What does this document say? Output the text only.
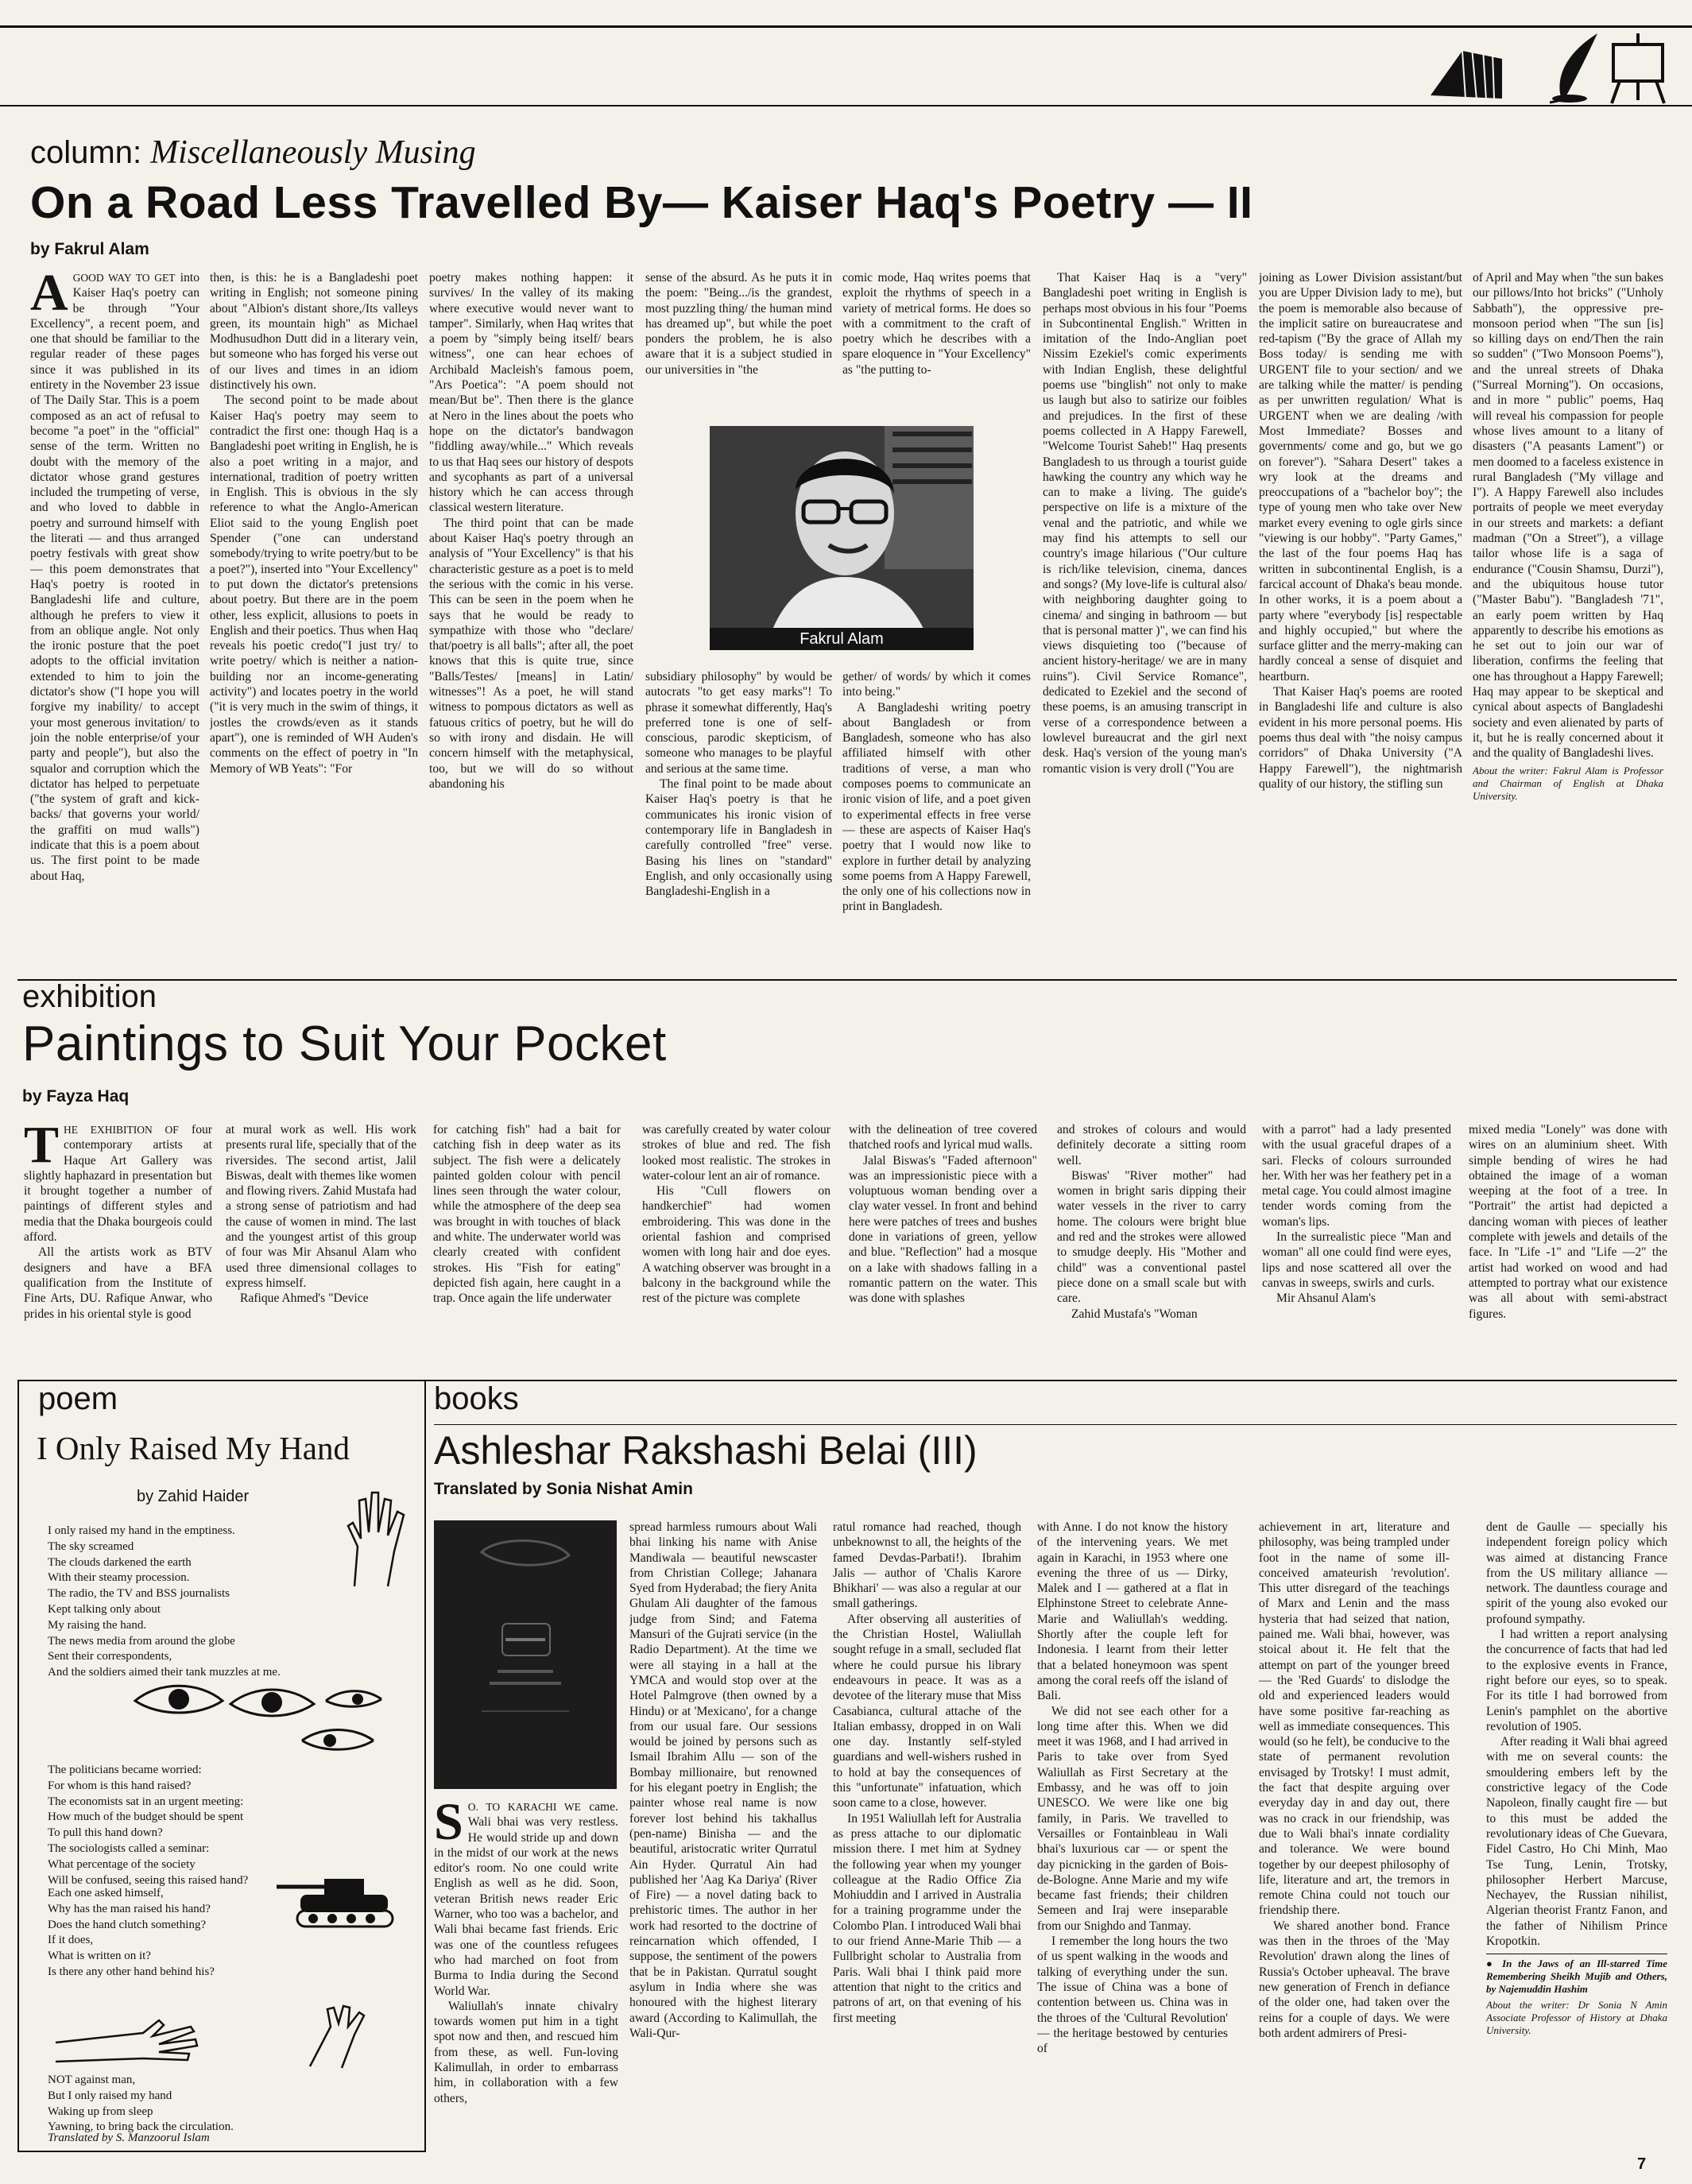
column: Miscellaneously Musing
On a Road Less Travelled By— Kaiser Haq's Poetry — II
by Fakrul Alam

AGOOD WAY TO GET into Kaiser Haq's poetry can be through "Your Excellency", a recent poem, and one that should be familiar to the regular reader of these pages since it was published in its entirety in the November 23 issue of The Daily Star. This is a poem composed as an act of refusal to become "a poet" in the "official" sense of the term. Written no doubt with the memory of the dictator whose grand gestures included the trumpeting of verse, and who loved to dabble in poetry and surround himself with the literati — and thus arranged poetry festivals with great show — this poem demonstrates that Haq's poetry is rooted in Bangladeshi life and culture, although he prefers to view it from an oblique angle. Not only the ironic posture that the poet adopts to the official invitation extended to him to join the dictator's show ("I hope you will forgive my inability/ to accept your most generous invitation/ to join the noble enterprise/of your party and people"), but also the squalor and corruption which the dictator has helped to perpetuate ("the system of graft and kick-backs/ that governs your world/ the graffiti on mud walls") indicate that this is a poem about us. The first point to be made about Haq,

then, is this: he is a Bangladeshi poet writing in English; not someone pining about "Albion's distant shore,/Its valleys green, its mountain high" as Michael Modhusudhon Dutt did in a literary vein, but someone who has forged his verse out of our lives and times in an idiom distinctively his own.

The second point to be made about Kaiser Haq's poetry may seem to contradict the first one: though Haq is a Bangladeshi poet writing in English, he is also a poet writing in a major, and international, tradition of poetry written in English. This is obvious in the sly reference to what the Anglo-American Eliot said to the young English poet Spender ("one can understand somebody/trying to write poetry/but to be a poet?"), inserted into "Your Excellency" to put down the dictator's pretensions about poetry. But there are in the poem other, less explicit, allusions to poets in English and their poetics. Thus when Haq reveals his poetic credo("I just try/ to write poetry/ which is neither a nation-building nor an income-generating activity") and locates poetry in the world ("it is very much in the swim of things, it jostles the crowds/even as it stands apart"), one is reminded of WH Auden's comments on the effect of poetry in "In Memory of WB Yeats": "For

poetry makes nothing happen: it survives/ In the valley of its making where executive would never want to tamper". Similarly, when Haq writes that a poem by "simply being itself/ bears witness", one can hear echoes of Archibald Macleish's famous poem, "Ars Poetica": "A poem should not mean/But be". Then there is the glance at Nero in the lines about the poets who hope on the dictator's bandwagon "fiddling away/while..." Which reveals to us that Haq sees our history of despots and sycophants as part of a universal history which he can access through classical western literature.

The third point that can be made about Kaiser Haq's poetry through an analysis of "Your Excellency" is that his characteristic gesture as a poet is to meld the serious with the comic in his verse. This can be seen in the poem when he says that he would be ready to sympathize with those who "declare/ that/poetry is all balls"; after all, the poet knows that this is quite true, since "Balls/Testes/ [means] in Latin/ witnesses"! As a poet, he will stand witness to pompous dictators as well as fatuous critics of poetry, but he will do so with irony and disdain. He will concern himself with the metaphysical, too, but we will do so without abandoning his

sense of the absurd. As he puts it in the poem: "Being.../is the grandest, most puzzling thing/ the human mind has dreamed up", but while the poet ponders the problem, he is also aware that it is a subject studied in our universities in "the

comic mode, Haq writes poems that exploit the rhythms of speech in a variety of metrical forms. He does so with a commitment to the craft of poetry which he describes with a spare eloquence in "Your Excellency" as "the putting to-

Fakrul Alam

subsidiary philosophy" by would be autocrats "to get easy marks"! To phrase it somewhat differently, Haq's preferred tone is one of self-conscious, parodic skepticism, of someone who manages to be playful and serious at the same time.

The final point to be made about Kaiser Haq's poetry is that he communicates his ironic vision of contemporary life in Bangladesh in carefully controlled "free" verse. Basing his lines on "standard" English, and only occasionally using Bangladeshi-English in a

gether/ of words/ by which it comes into being."

A Bangladeshi writing poetry about Bangladesh or from Bangladesh, someone who has also affiliated himself with other traditions of verse, a man who composes poems to communicate an ironic vision of life, and a poet given to experimental effects in free verse — these are aspects of Kaiser Haq's poetry that I would now like to explore in further detail by analyzing some poems from A Happy Farewell, the only one of his collections now in print in Bangladesh.

That Kaiser Haq is a "very" Bangladeshi poet writing in English is perhaps most obvious in his four "Poems in Subcontinental English." Written in imitation of the Indo-Anglian poet Nissim Ezekiel's comic experiments with Indian English, these delightful poems use "binglish" not only to make us laugh but also to satirize our foibles and prejudices. In the first of these poems collected in A Happy Farewell, "Welcome Tourist Saheb!" Haq presents Bangladesh to us through a tourist guide hawking the country any which way he can to make a living. The guide's perspective on life is a mixture of the venal and the patriotic, and while we may find his attempts to sell our country's image hilarious ("Our culture is rich/like television, cinema, dances and songs? (My love-life is cultural also/ with neighboring daughter going to cinema/ and singing in bathroom — but that is personal matter )", we can find his views disquieting too ("because of ancient history-heritage/ we are in many ruins"). Civil Service Romance", dedicated to Ezekiel and the second of these poems, is an amusing transcript in verse of a correspondence between a lowlevel bureaucrat and the girl next desk. Haq's version of the young man's romantic vision is very droll ("You are

joining as Lower Division assistant/but you are Upper Division lady to me), but the poem is memorable also because of the implicit satire on bureaucratese and red-tapism ("By the grace of Allah my Boss today/ is sending me with URGENT file to your section/ and we are talking while the matter/ is pending as per unwritten regulation/ What is URGENT when we are dealing /with Most Immediate? Bosses and governments/ come and go, but we go on forever"). "Sahara Desert" takes a wry look at the dreams and preoccupations of a "bachelor boy"; the type of young men who take over New market every evening to ogle girls since "viewing is our hobby". "Party Games," the last of the four poems Haq has written in subcontinental English, is a farcical account of Dhaka's beau monde. In other works, it is a poem about a party where "everybody [is] respectable and highly occupied," but where the surface glitter and the merry-making can hardly conceal a sense of disquiet and heartburn.

That Kaiser Haq's poems are rooted in Bangladeshi life and culture is also evident in his more personal poems. His poems thus deal with "the noisy campus corridors" of Dhaka University ("A Happy Farewell"), the nightmarish quality of our history, the stifling sun

of April and May when "the sun bakes our pillows/Into hot bricks" ("Unholy Sabbath"), the oppressive pre-monsoon period when "The sun [is] so killing days on end/Then the rain so sudden" ("Two Monsoon Poems"), and the unreal streets of Dhaka ("Surreal Morning"). On occasions, and in more " public" poems, Haq will reveal his compassion for people whose lives amount to a litany of disasters ("A peasants Lament") or men doomed to a faceless existence in rural Bangladesh ("My village and I"). A Happy Farewell also includes portraits of people we meet everyday in our streets and markets: a defiant madman ("On a Street"), a village tailor whose life is a saga of endurance ("Cousin Shamsu, Durzi"), and the ubiquitous house tutor ("Master Babu"). "Bangladesh '71", an early poem written by Haq apparently to describe his emotions as he set out to join our war of liberation, confirms the feeling that one has throughout a Happy Farewell; Haq may appear to be skeptical and cynical about aspects of Bangladeshi society and even alienated by parts of it, but he is really concerned about it and the quality of Bangladeshi lives.

About the writer: Fakrul Alam is Professor and Chairman of English at Dhaka University.

exhibition
Paintings to Suit Your Pocket
by Fayza Haq

THE EXHIBITION OF four contemporary artists at Haque Art Gallery was slightly haphazard in presentation but it brought together a number of paintings of different styles and media that the Dhaka bourgeois could afford.

All the artists work as BTV designers and have a BFA qualification from the Institute of Fine Arts, DU. Rafique Anwar, who prides in his oriental style is good

at mural work as well. His work presents rural life, specially that of the riversides. The second artist, Jalil Biswas, dealt with themes like women and flowing rivers. Zahid Mustafa had a strong sense of patriotism and had the cause of women in mind. The last and the youngest artist of this group of four was Mir Ahsanul Alam who used three dimensional collages to express himself.

Rafique Ahmed's "Device

for catching fish" had a bait for catching fish in deep water as its subject. The fish were a delicately painted golden colour with pencil lines seen through the water colour, while the atmosphere of the deep sea was brought in with touches of black and white. The underwater world was clearly created with confident strokes. His "Fish for eating" depicted fish again, here caught in a trap. Once again the life underwater

was carefully created by water colour strokes of blue and red. The fish looked most realistic. The strokes in water-colour lent an air of romance.

His "Cull flowers on handkerchief" had women embroidering. This was done in the oriental fashion and comprised women with long hair and doe eyes. A watching observer was brought in a balcony in the background while the rest of the picture was complete

with the delineation of tree covered thatched roofs and lyrical mud walls.

Jalal Biswas's "Faded afternoon" was an impressionistic piece with a voluptuous woman bending over a clay water vessel. In front and behind here were patches of trees and bushes done in variations of green, yellow and blue. "Reflection" had a mosque on a lake with shadows falling in a romantic pattern on the water. This was done with splashes

and strokes of colours and would definitely decorate a sitting room well.

Biswas' "River mother" had women in bright saris dipping their water vessels in the river to carry home. The colours were bright blue and red and the strokes were allowed to smudge deeply. His "Mother and child" was a conventional pastel piece done on a small scale but with care.

Zahid Mustafa's "Woman

with a parrot" had a lady presented with the usual graceful drapes of a sari. Flecks of colours surrounded her. With her was her feathery pet in a metal cage. You could almost imagine tender words coming from the woman's lips.

In the surrealistic piece "Man and woman" all one could find were eyes, lips and nose scattered all over the canvas in sweeps, swirls and curls.

Mir Ahsanul Alam's

mixed media "Lonely" was done with wires on an aluminium sheet. With simple bending of wires he had obtained the image of a woman weeping at the foot of a tree. In "Portrait" the artist had depicted a dancing woman with pieces of leather complete with jewels and details of the face. In "Life -1" and "Life —2" the artist had worked on wood and had attempted to portray what our existence was all about with semi-abstract figures.

poem
I Only Raised My Hand
by Zahid Haider
I only raised my hand in the emptiness.
The sky screamed
The clouds darkened the earth
With their steamy procession.
The radio, the TV and BSS journalists
Kept talking only about
My raising the hand.
The news media from around the globe
Sent their correspondents,
And the soldiers aimed their tank muzzles at me.
The politicians became worried:
For whom is this hand raised?
The economists sat in an urgent meeting:
How much of the budget should be spent
To pull this hand down?
The sociologists called a seminar:
What percentage of the society
Will be confused, seeing this raised hand?
Each one asked himself,
Why has the man raised his hand?
Does the hand clutch something?
If it does,
What is written on it?
Is there any other hand behind his?
NOT against man,
But I only raised my hand
Waking up from sleep
Yawning, to bring back the circulation.
Translated by S. Manzoorul Islam
books
Ashleshar Rakshashi Belai (III)
Translated by Sonia Nishat Amin

S O. TO KARACHI WE came. Wali bhai was very restless. He would stride up and down in the midst of our work at the news editor's room. No one could write English as well as he did. Soon, veteran British news reader Eric Warner, who too was a bachelor, and Wali bhai became fast friends. Eric was one of the countless refugees who had marched on foot from Burma to India during the Second World War.

Waliullah's innate chivalry towards women put him in a tight spot now and then, and rescued him from these, as well. Fun-loving Kalimullah, in order to embarrass him, in collaboration with a few others,

spread harmless rumours about Wali bhai linking his name with Anise Mandiwala — beautiful newscaster from Christian College; Jahanara Syed from Hyderabad; the fiery Anita Ghulam Ali daughter of the famous judge from Sind; and Fatema Mansuri of the Gujrati service (in the Radio Department). At the time we were all staying in a hall at the YMCA and would stop over at the Hotel Palmgrove (then owned by a Hindu) or at 'Mexicano', for a change from our usual fare. Our sessions would be joined by persons such as Ismail Ibrahim Allu — son of the Bombay millionaire, but renowned for his elegant poetry in English; the painter whose real name is now forever lost behind his takhallus (pen-name) Binisha — and the beautiful, aristocratic writer Qurratul Ain Hyder. Qurratul Ain had published her 'Aag Ka Dariya' (River of Fire) — a novel dating back to prehistoric times. The author in her work had resorted to the doctrine of reincarnation which offended, I suppose, the sentiment of the powers that be in Pakistan. Qurratul sought asylum in India where she was honoured with the highest literary award (According to Kalimullah, the Wali-Qur-

ratul romance had reached, though unbeknownst to all, the heights of the famed Devdas-Parbati!). Ibrahim Jalis — author of 'Chalis Karore Bhikhari' — was also a regular at our small gatherings.

After observing all austerities of the Christian Hostel, Waliullah sought refuge in a small, secluded flat where he could pursue his library endeavours in peace. It was as a devotee of the literary muse that Miss Casabianca, cultural attache of the Italian embassy, dropped in on Wali one day. Instantly self-styled guardians and well-wishers rushed in to hold at bay the consequences of this "unfortunate" infatuation, which soon came to a close, however.

In 1951 Waliullah left for Australia as press attache to our diplomatic mission there. I met him at Sydney the following year when my younger colleague at the Radio Office Zia Mohiuddin and I arrived in Australia for a training programme under the Colombo Plan. I introduced Wali bhai to our friend Anne-Marie Thib — a Fullbright scholar to Australia from Paris. Wali bhai I think paid more attention that night to the critics and patrons of art, on that evening of his first meeting

with Anne. I do not know the history of the intervening years. We met again in Karachi, in 1953 where one evening the three of us — Dirky, Malek and I — gathered at a flat in Elphinstone Street to celebrate Anne-Marie and Waliullah's wedding. Shortly after the couple left for Indonesia. I learnt from their letter that a belated honeymoon was spent among the coral reefs off the island of Bali.

We did not see each other for a long time after this. When we did meet it was 1968, and I had arrived in Paris to take over from Syed Waliullah as First Secretary at the Embassy, and he was off to join UNESCO. We were like one big family, in Paris. We travelled to Versailles or Fontainbleau in Wali bhai's luxurious car — or spent the day picnicking in the garden of Bois-de-Bologne. Anne Marie and my wife became fast friends; their children Semeen and Iraj were inseparable from our Snighdo and Tanmay.

I remember the long hours the two of us spent walking in the woods and talking of everything under the sun. The issue of China was a bone of contention between us. China was in the throes of the 'Cultural Revolution' — the heritage bestowed by centuries of

achievement in art, literature and philosophy, was being trampled under foot in the name of some ill-conceived amateurish 'revolution'. This utter disregard of the teachings of Marx and Lenin and the mass hysteria that had seized that nation, pained me. Wali bhai, however, was stoical about it. He felt that the attempt on part of the younger breed — the 'Red Guards' to dislodge the old and experienced leaders would have some positive far-reaching as well as immediate consequences. This would (so he felt), be conducive to the state of permanent revolution envisaged by Trotsky! I must admit, the fact that despite arguing over everyday day in and day out, there was no crack in our friendship, was due to Wali bhai's innate cordiality and tolerance. We were bound together by our deepest philosophy of life, literature and art, the tremors in remote China could not touch our friendship there.

We shared another bond. France was then in the throes of the 'May Revolution' drawn along the lines of Russia's October upheaval. The brave new generation of French in defiance of the older one, had taken over the reins for a couple of days. We were both ardent admirers of Presi-

dent de Gaulle — specially his independent foreign policy which was aimed at distancing France from the US military alliance — network. The dauntless courage and spirit of the young also evoked our profound sympathy.

I had written a report analysing the concurrence of facts that had led to the explosive events in France, right before our eyes, so to speak. For its title I had borrowed from Lenin's pamphlet on the abortive revolution of 1905.

After reading it Wali bhai agreed with me on several counts: the smouldering embers left by the constrictive legacy of the Code Napoleon, finally caught fire — but to this must be added the revolutionary ideas of Che Guevara, Fidel Castro, Ho Chi Minh, Mao Tse Tung, Lenin, Trotsky, philosopher Herbert Marcuse, Nechayev, the Russian nihilist, Algerian theorist Frantz Fanon, and the father of Nihilism Prince Kropotkin.

● In the Jaws of an Ill-starred Time Remembering Sheikh Mujib and Others, by Najemuddin Hashim

About the writer: Dr Sonia N Amin Associate Professor of History at Dhaka University.

7
